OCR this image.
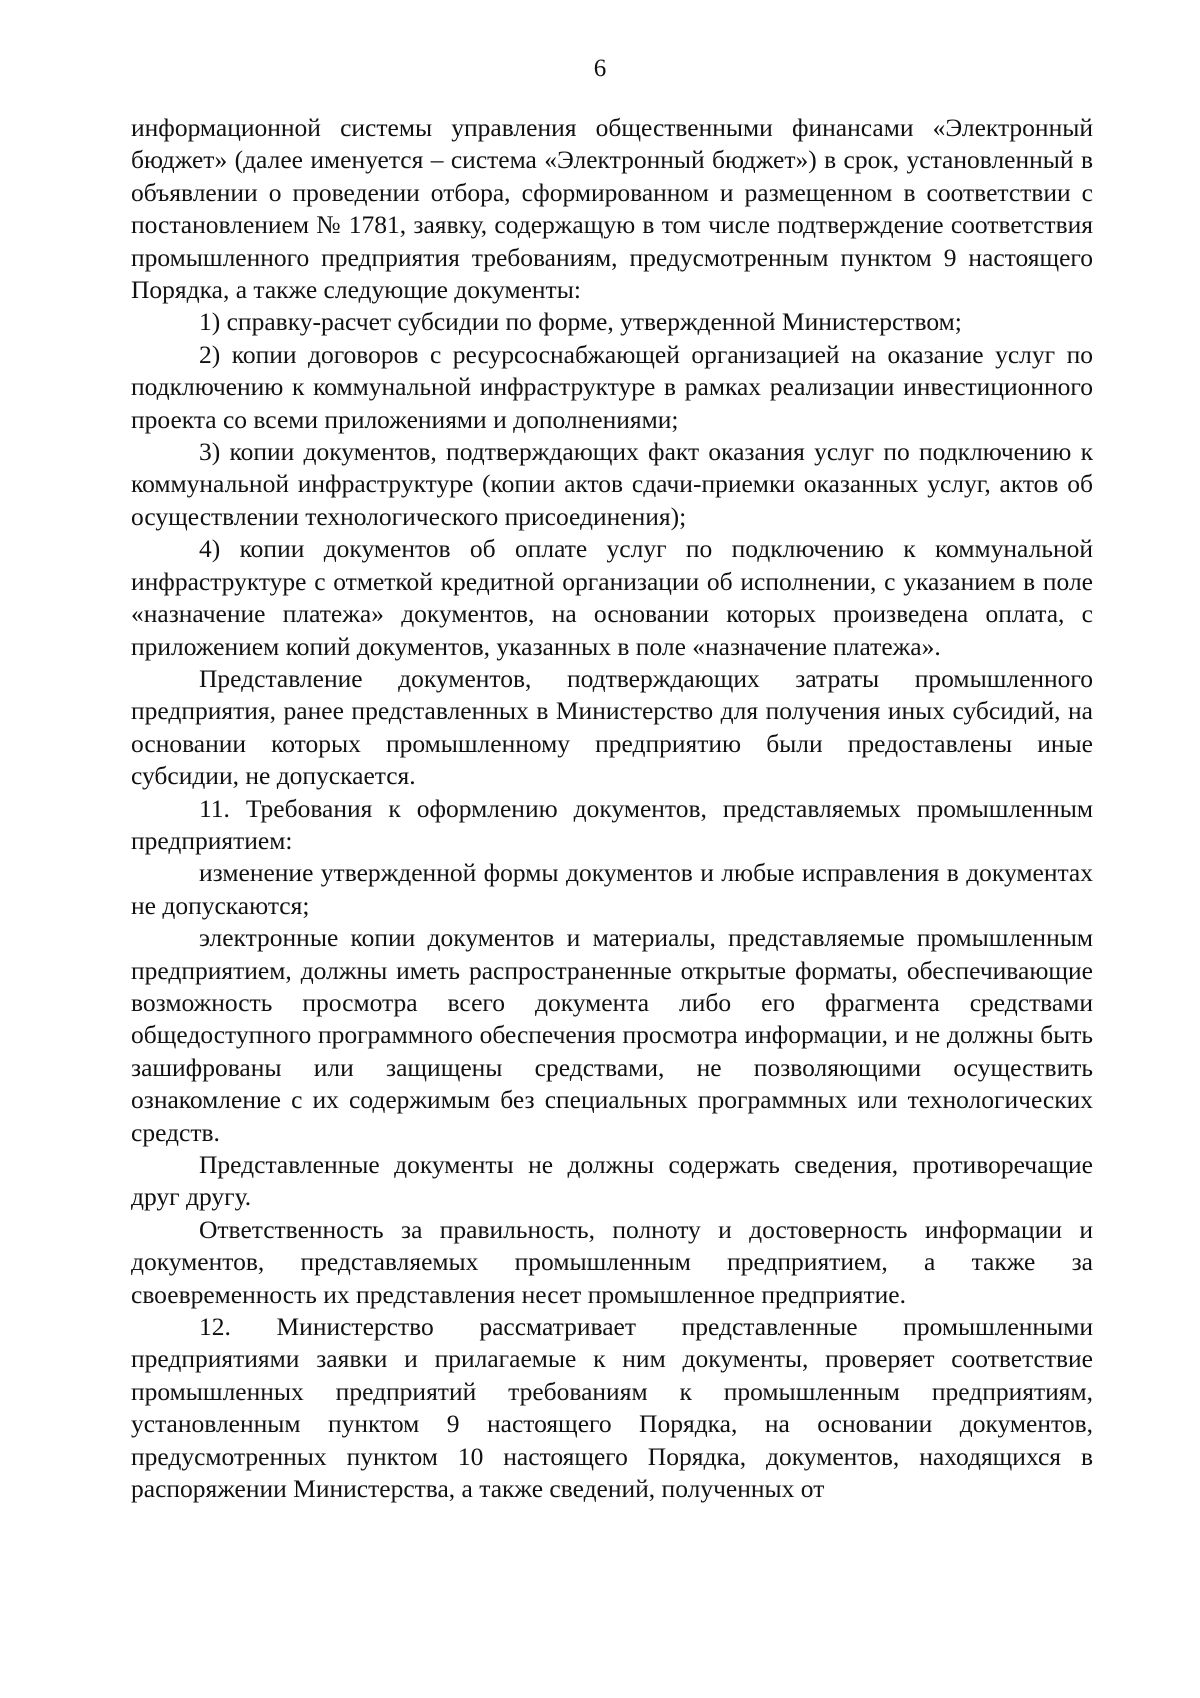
6

информационной системы управления общественными финансами «Электронный бюджет» (далее именуется – система «Электронный бюджет») в срок, установленный в объявлении о проведении отбора, сформированном и размещенном в соответствии с постановлением № 1781, заявку, содержащую в том числе подтверждение соответствия промышленного предприятия требованиям, предусмотренным пунктом 9 настоящего Порядка, а также следующие документы:

1) справку-расчет субсидии по форме, утвержденной Министерством;

2) копии договоров с ресурсоснабжающей организацией на оказание услуг по подключению к коммунальной инфраструктуре в рамках реализации инвестиционного проекта со всеми приложениями и дополнениями;

3) копии документов, подтверждающих факт оказания услуг по подключению к коммунальной инфраструктуре (копии актов сдачи-приемки оказанных услуг, актов об осуществлении технологического присоединения);

4) копии документов об оплате услуг по подключению к коммунальной инфраструктуре с отметкой кредитной организации об исполнении, с указанием в поле «назначение платежа» документов, на основании которых произведена оплата, с приложением копий документов, указанных в поле «назначение платежа».

Представление документов, подтверждающих затраты промышленного предприятия, ранее представленных в Министерство для получения иных субсидий, на основании которых промышленному предприятию были предоставлены иные субсидии, не допускается.

11. Требования к оформлению документов, представляемых промышленным предприятием:

изменение утвержденной формы документов и любые исправления в документах не допускаются;

электронные копии документов и материалы, представляемые промышленным предприятием, должны иметь распространенные открытые форматы, обеспечивающие возможность просмотра всего документа либо его фрагмента средствами общедоступного программного обеспечения просмотра информации, и не должны быть зашифрованы или защищены средствами, не позволяющими осуществить ознакомление с их содержимым без специальных программных или технологических средств.

Представленные документы не должны содержать сведения, противоречащие друг другу.

Ответственность за правильность, полноту и достоверность информации и документов, представляемых промышленным предприятием, а также за своевременность их представления несет промышленное предприятие.

12. Министерство рассматривает представленные промышленными предприятиями заявки и прилагаемые к ним документы, проверяет соответствие промышленных предприятий требованиям к промышленным предприятиям, установленным пунктом 9 настоящего Порядка, на основании документов, предусмотренных пунктом 10 настоящего Порядка, документов, находящихся в распоряжении Министерства, а также сведений, полученных от
